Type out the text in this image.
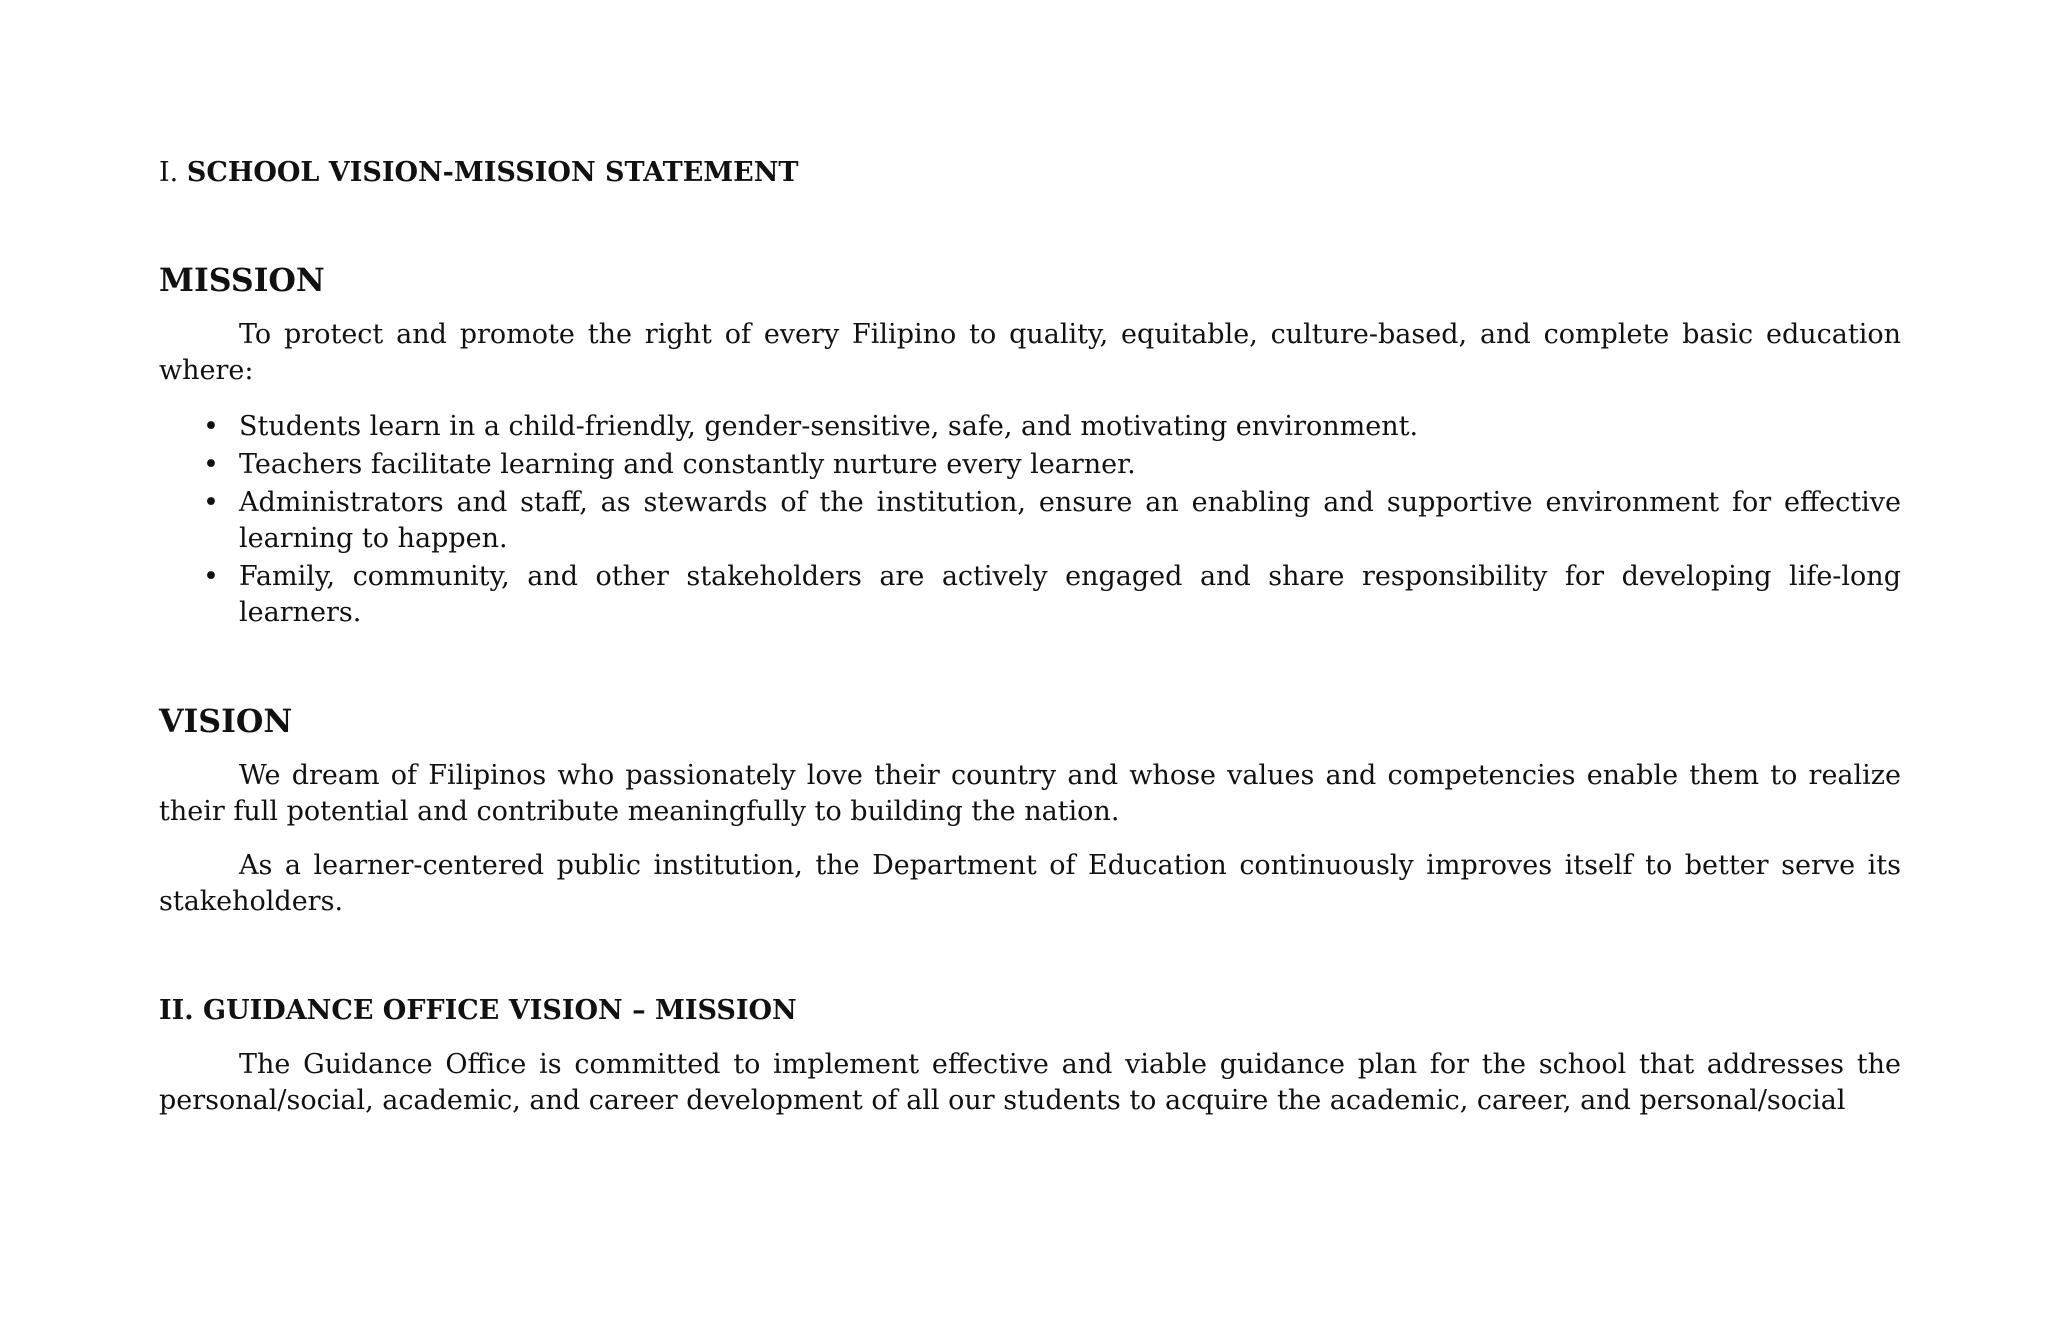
I. SCHOOL VISION-MISSION STATEMENT
MISSION

To protect and promote the right of every Filipino to quality, equitable, culture-based, and complete basic education where:

• Students learn in a child-friendly, gender-sensitive, safe, and motivating environment.
• Teachers facilitate learning and constantly nurture every learner.
• Administrators and staff, as stewards of the institution, ensure an enabling and supportive environment for effective learning to happen.
• Family, community, and other stakeholders are actively engaged and share responsibility for developing life-long learners.
VISION

We dream of Filipinos who passionately love their country and whose values and competencies enable them to realize their full potential and contribute meaningfully to building the nation.

As a learner-centered public institution, the Department of Education continuously improves itself to better serve its stakeholders.

II. GUIDANCE OFFICE VISION – MISSION

The Guidance Office is committed to implement effective and viable guidance plan for the school that addresses the personal/social, academic, and career development of all our students to acquire the academic, career, and personal/social
